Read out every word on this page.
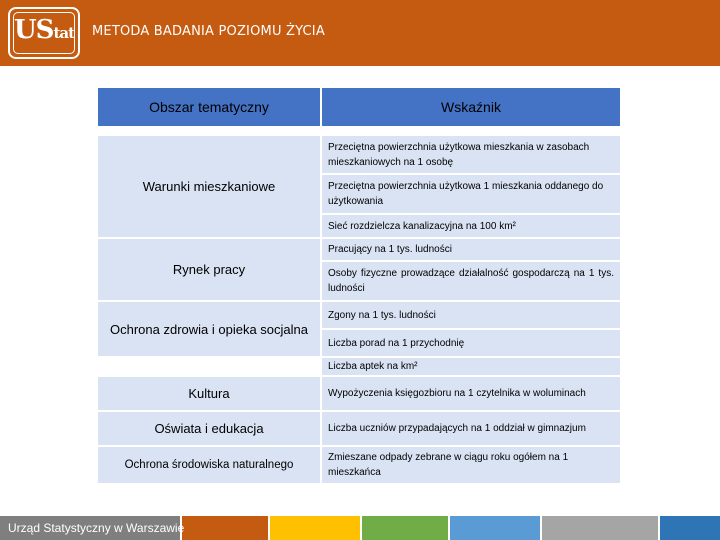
UStat	METODA BADANIA POZIOMU ŻYCIA
Obszar tematyczny	Wskaźnik

Warunki mieszkaniowe	Przeciętna powierzchnia użytkowa mieszkania w zasobach mieszkaniowych na 1 osobę
	Przeciętna powierzchnia użytkowa 1 mieszkania oddanego do użytkowania
	Sieć rozdzielcza kanalizacyjna na 100 km²
Rynek pracy	Pracujący na 1 tys. ludności
	Osoby fizyczne prowadzące działalność gospodarczą na 1 tys. ludności
Ochrona zdrowia i opieka socjalna	Zgony na 1 tys. ludności
	Liczba porad na 1 przychodnię
	Liczba aptek na km²
Kultura	Wypożyczenia księgozbioru na 1 czytelnika w woluminach
Oświata i edukacja	Liczba uczniów przypadających na 1 oddział w gimnazjum
Ochrona środowiska naturalnego	Zmieszane odpady zebrane w ciągu roku ogółem na 1 mieszkańca
Urząd Statystyczny w Warszawie
